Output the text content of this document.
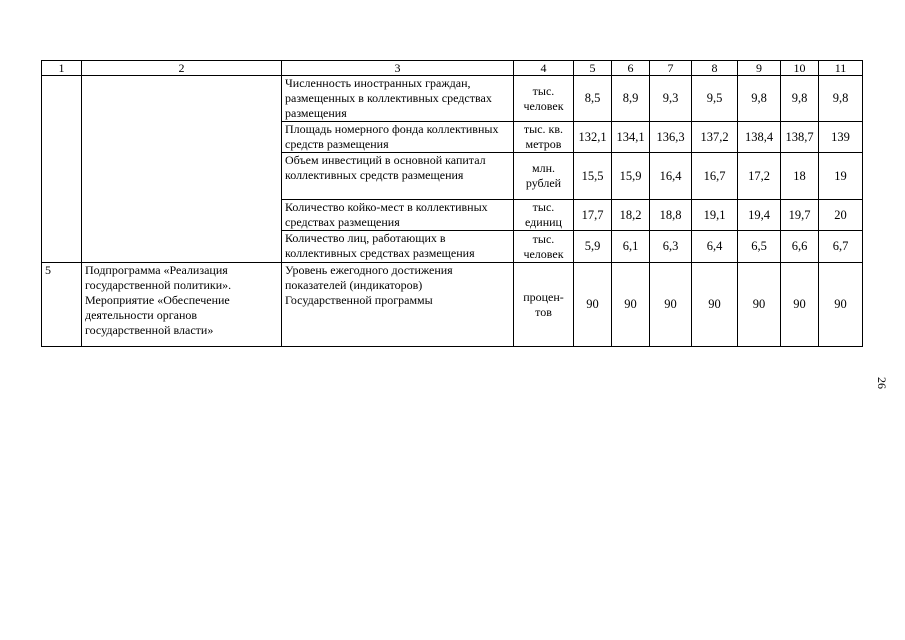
1	2	3	4	5	6	7	8	9	10	11
		Численность иностранных граждан, размещенных в коллективных средствах размещения	тыс. человек	8,5	8,9	9,3	9,5	9,8	9,8	9,8
		Площадь номерного фонда коллективных средств размещения	тыс. кв. метров	132,1	134,1	136,3	137,2	138,4	138,7	139
		Объем инвестиций в основной капитал коллективных средств размещения	млн. рублей	15,5	15,9	16,4	16,7	17,2	18	19
		Количество койко-мест в коллективных средствах размещения	тыс. единиц	17,7	18,2	18,8	19,1	19,4	19,7	20
		Количество лиц, работающих в коллективных средствах размещения	тыс. человек	5,9	6,1	6,3	6,4	6,5	6,6	6,7
5	Подпрограмма «Реализация государственной политики». Мероприятие «Обеспечение деятельности органов государственной власти»	Уровень ежегодного достижения показателей (индикаторов) Государственной программы	процен-тов	90	90	90	90	90	90	90
26
